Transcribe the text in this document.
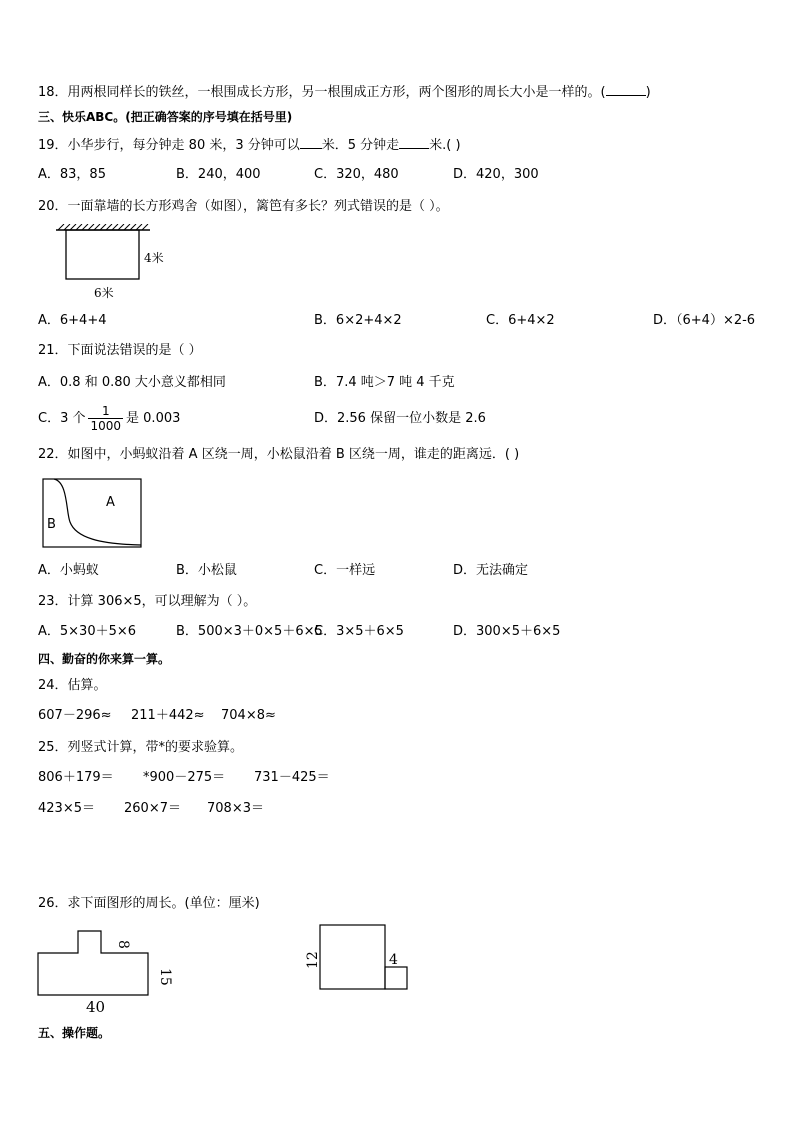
18．用两根同样长的铁丝，一根围成长方形，另一根围成正方形，两个图形的周长大小是一样的。(	)
三、快乐ABC。(把正确答案的序号填在括号里)
19．小华步行，每分钟走 80 米，3 分钟可以 米．5 分钟走 米.( )
A．83，85	B．240，400	C．320，480	D．420，300
20．一面靠墙的长方形鸡舍（如图），篱笆有多长？列式错误的是（ ）。
4米
6米
A．6+4+4	B．6×2+4×2	C．6+4×2	D．（6+4）×2-6
21．下面说法错误的是（ ）
A．0.8 和 0.80 大小意义都相同	B．7.4 吨＞7 吨 4 千克
C．3 个 $\frac{1}{1000}$ 是 0.003	D．2.56 保留一位小数是 2.6
22．如图中，小蚂蚁沿着 A 区绕一周，小松鼠沿着 B 区绕一周，谁走的距离远．( )
A
B
A．小蚂蚁	B．小松鼠	C．一样远	D．无法确定
23．计算 306×5，可以理解为（ ）。
A．5×30＋5×6	B．500×3＋0×5＋6×5
C．3×5＋6×5	D．300×5＋6×5
四、勤奋的你来算一算。
24．估算。
607－296≈ 211＋442≈ 704×8≈
25．列竖式计算，带*的要求验算。
806＋179＝ *900－275＝ 731－425＝
423×5＝ 260×7＝ 708×3＝
26．求下面图形的周长。(单位：厘米)
8
15
40
12	4
五、操作题。
